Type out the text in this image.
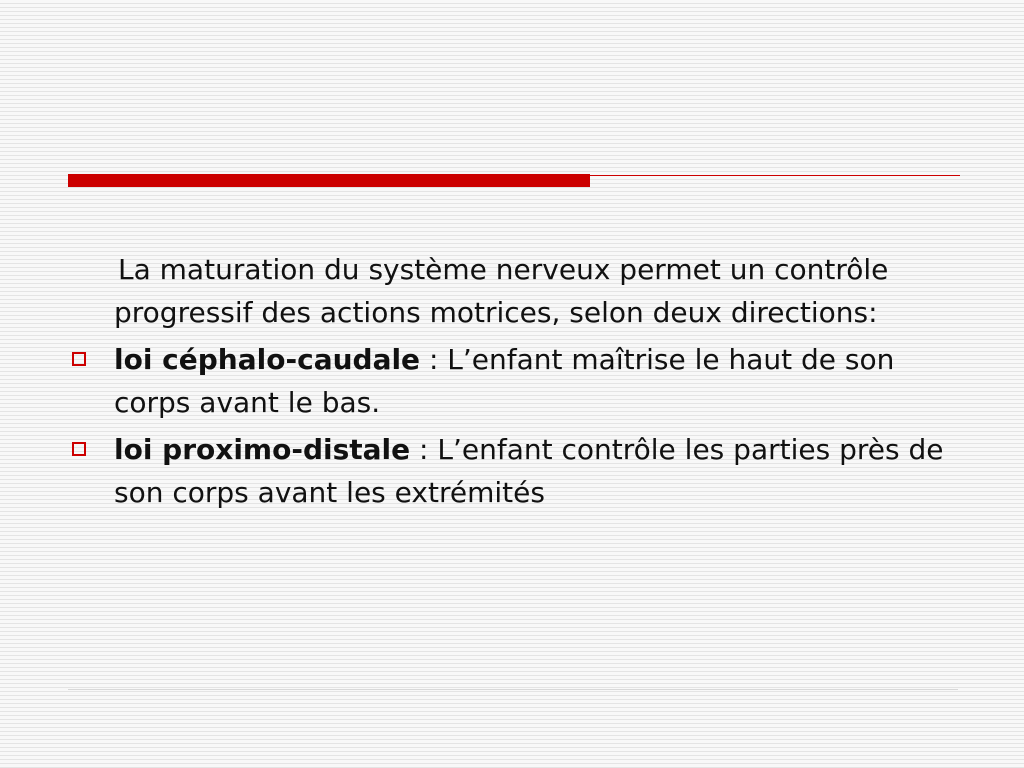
La maturation du système nerveux permet un contrôle progressif des actions motrices, selon deux directions:

loi céphalo-caudale : L’enfant maîtrise le haut de son corps avant le bas.

loi proximo-distale : L’enfant contrôle les parties près de son corps avant les extrémités
